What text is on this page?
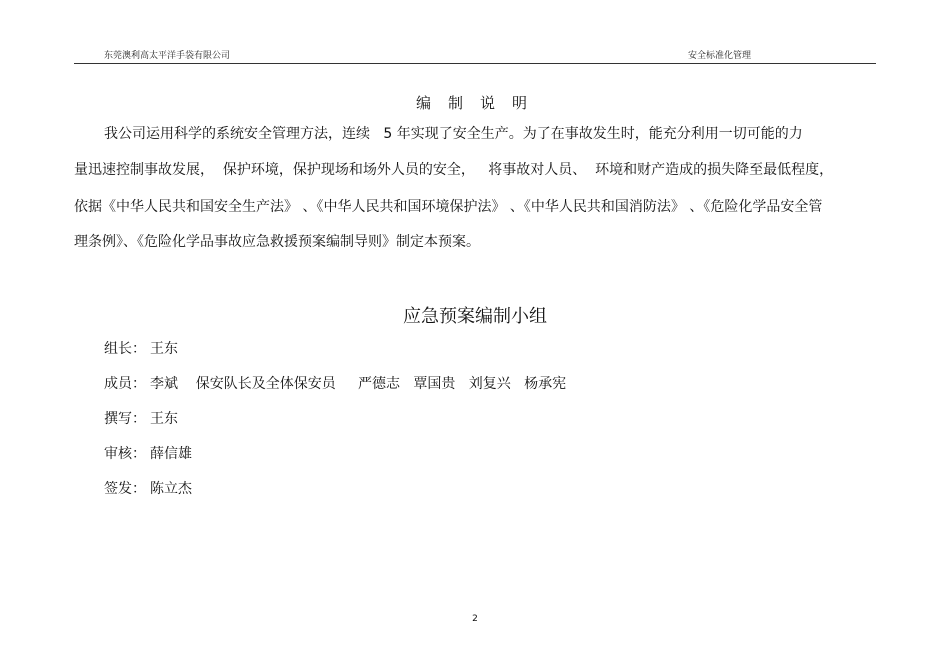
东莞澳利高太平洋手袋有限公司	安全标准化管理
编制说明
我公司运用科学的系统安全管理方法，连续   5 年实现了安全生产。为了在事故发生时，能充分利用一切可能的力
量迅速控制事故发展，  保护环境，保护现场和场外人员的安全，   将事故对人员、  环境和财产造成的损失降至最低程度，
依据《中华人民共和国安全生产法》 、《中华人民共和国环境保护法》 、《中华人民共和国消防法》 、《危险化学品安全管
理条例》、《危险化学品事故应急救援预案编制导则》制定本预案。
应急预案编制小组
组长： 王东
成员： 李斌    保安队长及全体保安员     严德志   覃国贵   刘复兴   杨承宪
撰写： 王东
审核： 薛信雄
签发： 陈立杰
2
